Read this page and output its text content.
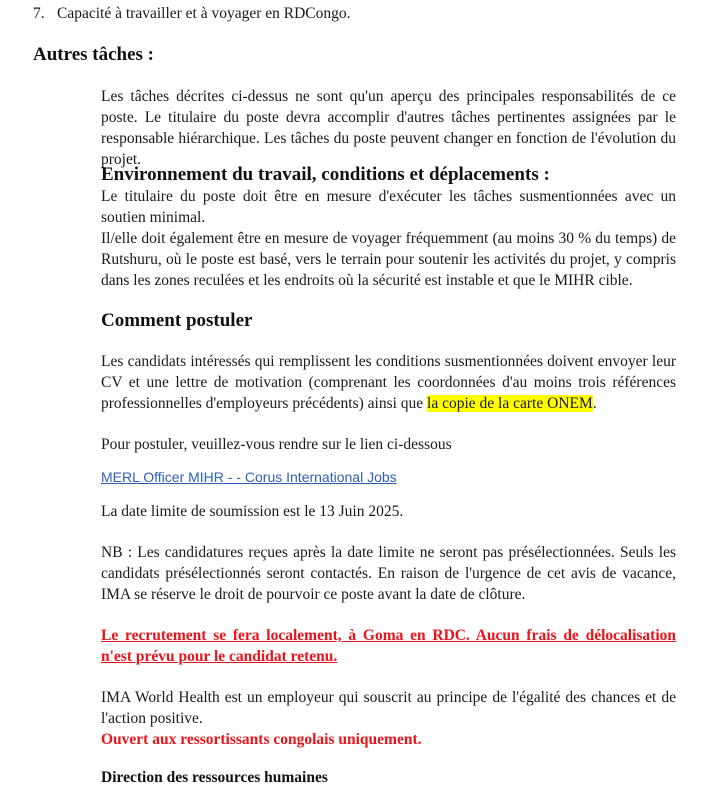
7. Capacité à travailler et à voyager en RDCongo.
Autres tâches :

Les tâches décrites ci-dessus ne sont qu'un aperçu des principales responsabilités de ce poste. Le titulaire du poste devra accomplir d'autres tâches pertinentes assignées par le responsable hiérarchique. Les tâches du poste peuvent changer en fonction de l'évolution du projet.

Environnement du travail, conditions et déplacements :

Le titulaire du poste doit être en mesure d'exécuter les tâches susmentionnées avec un soutien minimal.

Il/elle doit également être en mesure de voyager fréquemment (au moins 30 % du temps) de Rutshuru, où le poste est basé, vers le terrain pour soutenir les activités du projet, y compris dans les zones reculées et les endroits où la sécurité est instable et que le MIHR cible.

Comment postuler

Les candidats intéressés qui remplissent les conditions susmentionnées doivent envoyer leur CV et une lettre de motivation (comprenant les coordonnées d'au moins trois références professionnelles d'employeurs précédents) ainsi que la copie de la carte ONEM.

Pour postuler, veuillez-vous rendre sur le lien ci-dessous

MERL Officer MIHR - - Corus International Jobs

La date limite de soumission est le 13 Juin 2025.

NB : Les candidatures reçues après la date limite ne seront pas présélectionnées. Seuls les candidats présélectionnés seront contactés. En raison de l'urgence de cet avis de vacance, IMA se réserve le droit de pourvoir ce poste avant la date de clôture.

Le recrutement se fera localement, à Goma en RDC. Aucun frais de délocalisation n'est prévu pour le candidat retenu.

IMA World Health est un employeur qui souscrit au principe de l'égalité des chances et de l'action positive.

Ouvert aux ressortissants congolais uniquement.

Direction des ressources humaines
